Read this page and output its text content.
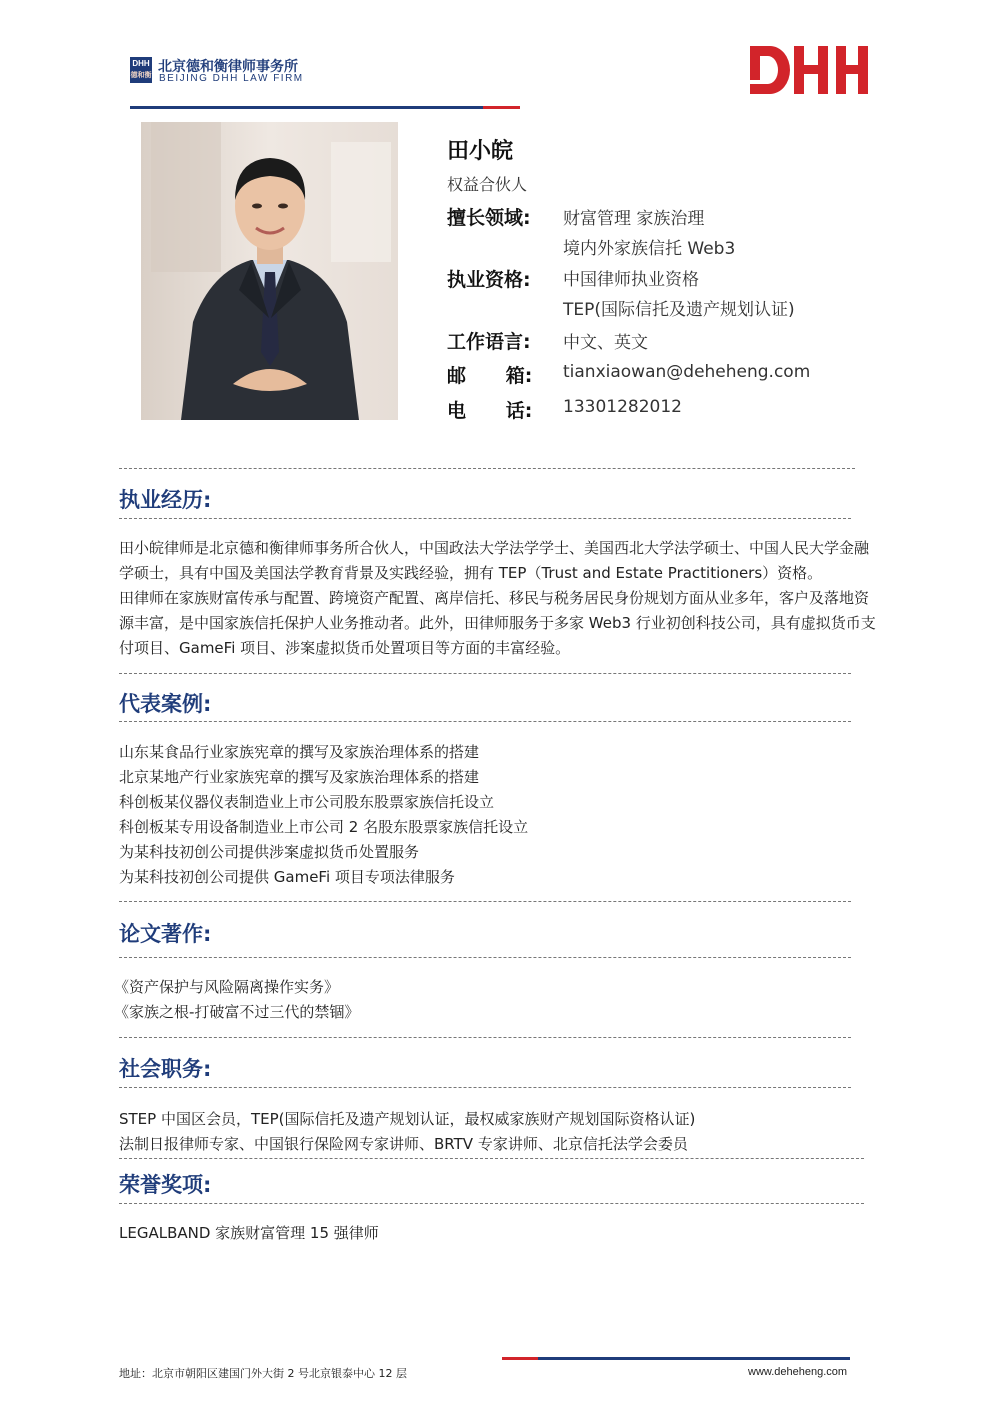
DHH
德和衡
北京德和衡律师事务所
BEIJING DHH LAW FIRM
田小皖
权益合伙人
擅长领域: 财富管理 家族治理
境内外家族信托 Web3
执业资格: 中国律师执业资格
TEP(国际信托及遗产规划认证)
工作语言: 中文、英文
邮      箱: tianxiaowan@deheheng.com
电      话: 13301282012
执业经历:
田小皖律师是北京德和衡律师事务所合伙人，中国政法大学法学学士、美国西北大学法学硕士、中国人民大学金融
学硕士，具有中国及美国法学教育背景及实践经验，拥有 TEP（Trust and Estate Practitioners）资格。
田律师在家族财富传承与配置、跨境资产配置、离岸信托、移民与税务居民身份规划方面从业多年，客户及落地资
源丰富，是中国家族信托保护人业务推动者。此外，田律师服务于多家 Web3 行业初创科技公司，具有虚拟货币支
付项目、GameFi 项目、涉案虚拟货币处置项目等方面的丰富经验。
代表案例:
山东某食品行业家族宪章的撰写及家族治理体系的搭建
北京某地产行业家族宪章的撰写及家族治理体系的搭建
科创板某仪器仪表制造业上市公司股东股票家族信托设立
科创板某专用设备制造业上市公司 2 名股东股票家族信托设立
为某科技初创公司提供涉案虚拟货币处置服务
为某科技初创公司提供 GameFi 项目专项法律服务
论文著作:
《资产保护与风险隔离操作实务》
《家族之根-打破富不过三代的禁锢》
社会职务:
STEP 中国区会员，TEP(国际信托及遗产规划认证，最权威家族财产规划国际资格认证)
法制日报律师专家、中国银行保险网专家讲师、BRTV 专家讲师、北京信托法学会委员
荣誉奖项:
LEGALBAND 家族财富管理 15 强律师
地址：北京市朝阳区建国门外大街 2 号北京银泰中心 12 层	www.deheheng.com
